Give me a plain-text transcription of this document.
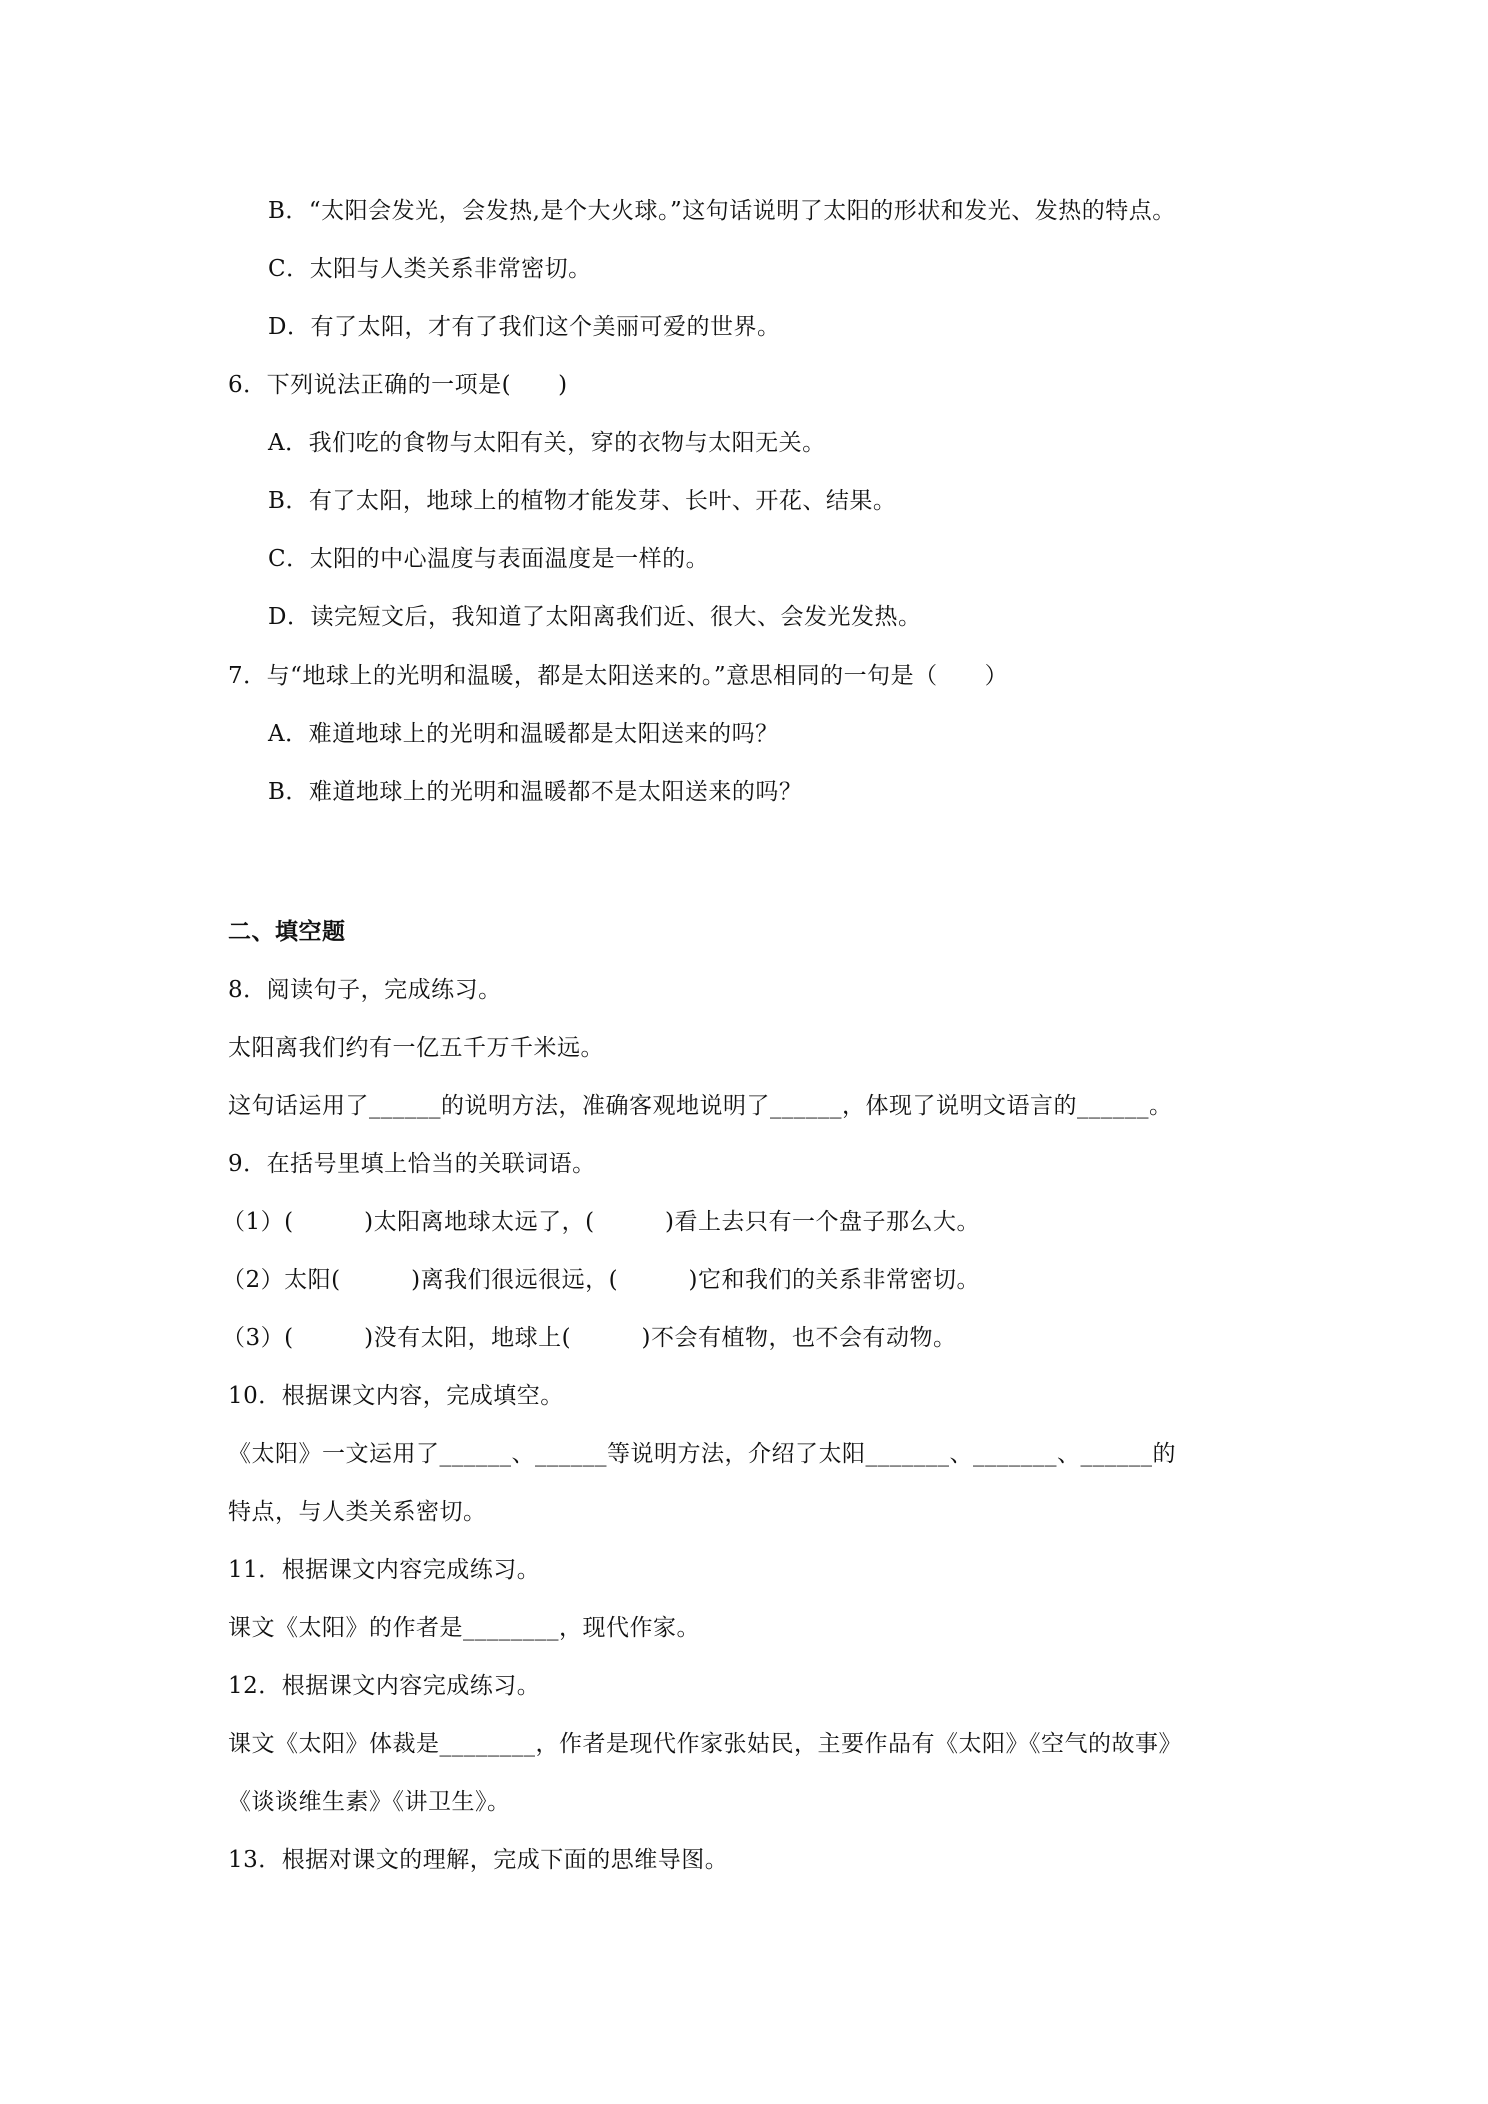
B．“太阳会发光，会发热,是个大火球。”这句话说明了太阳的形状和发光、发热的特点。
C．太阳与人类关系非常密切。
D．有了太阳，才有了我们这个美丽可爱的世界。
6．下列说法正确的一项是(　　)
A．我们吃的食物与太阳有关，穿的衣物与太阳无关。
B．有了太阳，地球上的植物才能发芽、长叶、开花、结果。
C．太阳的中心温度与表面温度是一样的。
D．读完短文后，我知道了太阳离我们近、很大、会发光发热。
7．与“地球上的光明和温暖，都是太阳送来的。”意思相同的一句是（　　）
A．难道地球上的光明和温暖都是太阳送来的吗？
B．难道地球上的光明和温暖都不是太阳送来的吗？
二、填空题
8．阅读句子，完成练习。
太阳离我们约有一亿五千万千米远。
这句话运用了______的说明方法，准确客观地说明了______，体现了说明文语言的______。
9．在括号里填上恰当的关联词语。
（1）(　　　)太阳离地球太远了，(　　　)看上去只有一个盘子那么大。
（2）太阳(　　　)离我们很远很远，(　　　)它和我们的关系非常密切。
（3）(　　　)没有太阳，地球上(　　　)不会有植物，也不会有动物。
10．根据课文内容，完成填空。
《太阳》一文运用了______、______等说明方法，介绍了太阳_______、_______、______的
特点，与人类关系密切。
11．根据课文内容完成练习。
课文《太阳》的作者是________，现代作家。
12．根据课文内容完成练习。
课文《太阳》体裁是________，作者是现代作家张姑民，主要作品有《太阳》《空气的故事》
《谈谈维生素》《讲卫生》。
13．根据对课文的理解，完成下面的思维导图。
